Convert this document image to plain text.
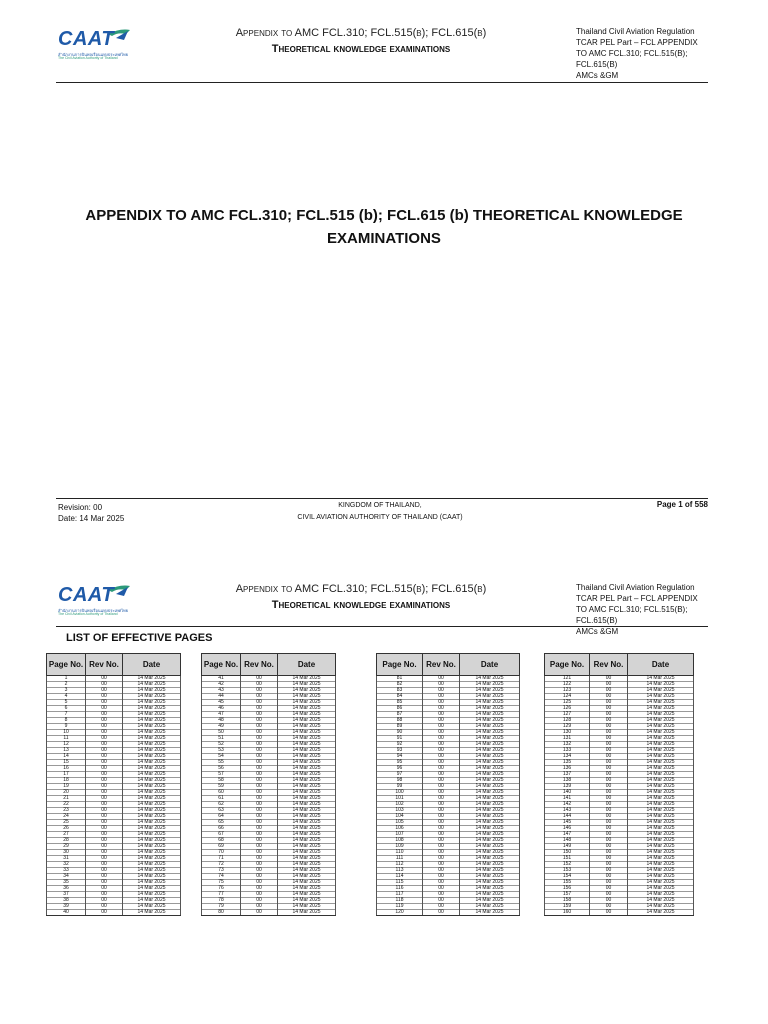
CAAT
สำนักงานการบินพลเรือนแห่งประเทศไทย
The Civil Aviation Authority of Thailand
Appendix to AMC FCL.310; FCL.515(b); FCL.615(b)
Theoretical knowledge examinations
Thailand Civil Aviation Regulation
TCAR PEL Part – FCL APPENDIX
TO AMC FCL.310; FCL.515(B);
FCL.615(B)
AMCs &GM
APPENDIX TO AMC FCL.310; FCL.515 (b); FCL.615 (b) THEORETICAL KNOWLEDGE EXAMINATIONS
Revision: 00
Date: 14 Mar 2025
KINGDOM OF THAILAND,
CIVIL AVIATION AUTHORITY OF THAILAND (CAAT)
Page 1 of 558
CAAT
สำนักงานการบินพลเรือนแห่งประเทศไทย
The Civil Aviation Authority of Thailand
Appendix to AMC FCL.310; FCL.515(b); FCL.615(b)
Theoretical knowledge examinations
Thailand Civil Aviation Regulation
TCAR PEL Part – FCL APPENDIX
TO AMC FCL.310; FCL.515(B);
FCL.615(B)
AMCs &GM
LIST OF EFFECTIVE PAGES
Page No.	Rev No.	Date
1	00	14 Mar 2025
2	00	14 Mar 2025
3	00	14 Mar 2025
4	00	14 Mar 2025
5	00	14 Mar 2025
6	00	14 Mar 2025
7	00	14 Mar 2025
8	00	14 Mar 2025
9	00	14 Mar 2025
10	00	14 Mar 2025
11	00	14 Mar 2025
12	00	14 Mar 2025
13	00	14 Mar 2025
14	00	14 Mar 2025
15	00	14 Mar 2025
16	00	14 Mar 2025
17	00	14 Mar 2025
18	00	14 Mar 2025
19	00	14 Mar 2025
20	00	14 Mar 2025
21	00	14 Mar 2025
22	00	14 Mar 2025
23	00	14 Mar 2025
24	00	14 Mar 2025
25	00	14 Mar 2025
26	00	14 Mar 2025
27	00	14 Mar 2025
28	00	14 Mar 2025
29	00	14 Mar 2025
30	00	14 Mar 2025
31	00	14 Mar 2025
32	00	14 Mar 2025
33	00	14 Mar 2025
34	00	14 Mar 2025
35	00	14 Mar 2025
36	00	14 Mar 2025
37	00	14 Mar 2025
38	00	14 Mar 2025
39	00	14 Mar 2025
40	00	14 Mar 2025
Page No.	Rev No.	Date
41	00	14 Mar 2025
42	00	14 Mar 2025
43	00	14 Mar 2025
44	00	14 Mar 2025
45	00	14 Mar 2025
46	00	14 Mar 2025
47	00	14 Mar 2025
48	00	14 Mar 2025
49	00	14 Mar 2025
50	00	14 Mar 2025
51	00	14 Mar 2025
52	00	14 Mar 2025
53	00	14 Mar 2025
54	00	14 Mar 2025
55	00	14 Mar 2025
56	00	14 Mar 2025
57	00	14 Mar 2025
58	00	14 Mar 2025
59	00	14 Mar 2025
60	00	14 Mar 2025
61	00	14 Mar 2025
62	00	14 Mar 2025
63	00	14 Mar 2025
64	00	14 Mar 2025
65	00	14 Mar 2025
66	00	14 Mar 2025
67	00	14 Mar 2025
68	00	14 Mar 2025
69	00	14 Mar 2025
70	00	14 Mar 2025
71	00	14 Mar 2025
72	00	14 Mar 2025
73	00	14 Mar 2025
74	00	14 Mar 2025
75	00	14 Mar 2025
76	00	14 Mar 2025
77	00	14 Mar 2025
78	00	14 Mar 2025
79	00	14 Mar 2025
80	00	14 Mar 2025
Page No.	Rev No.	Date
81	00	14 Mar 2025
82	00	14 Mar 2025
83	00	14 Mar 2025
84	00	14 Mar 2025
85	00	14 Mar 2025
86	00	14 Mar 2025
87	00	14 Mar 2025
88	00	14 Mar 2025
89	00	14 Mar 2025
90	00	14 Mar 2025
91	00	14 Mar 2025
92	00	14 Mar 2025
93	00	14 Mar 2025
94	00	14 Mar 2025
95	00	14 Mar 2025
96	00	14 Mar 2025
97	00	14 Mar 2025
98	00	14 Mar 2025
99	00	14 Mar 2025
100	00	14 Mar 2025
101	00	14 Mar 2025
102	00	14 Mar 2025
103	00	14 Mar 2025
104	00	14 Mar 2025
105	00	14 Mar 2025
106	00	14 Mar 2025
107	00	14 Mar 2025
108	00	14 Mar 2025
109	00	14 Mar 2025
110	00	14 Mar 2025
111	00	14 Mar 2025
112	00	14 Mar 2025
113	00	14 Mar 2025
114	00	14 Mar 2025
115	00	14 Mar 2025
116	00	14 Mar 2025
117	00	14 Mar 2025
118	00	14 Mar 2025
119	00	14 Mar 2025
120	00	14 Mar 2025
Page No.	Rev No.	Date
121	00	14 Mar 2025
122	00	14 Mar 2025
123	00	14 Mar 2025
124	00	14 Mar 2025
125	00	14 Mar 2025
126	00	14 Mar 2025
127	00	14 Mar 2025
128	00	14 Mar 2025
129	00	14 Mar 2025
130	00	14 Mar 2025
131	00	14 Mar 2025
132	00	14 Mar 2025
133	00	14 Mar 2025
134	00	14 Mar 2025
135	00	14 Mar 2025
136	00	14 Mar 2025
137	00	14 Mar 2025
138	00	14 Mar 2025
139	00	14 Mar 2025
140	00	14 Mar 2025
141	00	14 Mar 2025
142	00	14 Mar 2025
143	00	14 Mar 2025
144	00	14 Mar 2025
145	00	14 Mar 2025
146	00	14 Mar 2025
147	00	14 Mar 2025
148	00	14 Mar 2025
149	00	14 Mar 2025
150	00	14 Mar 2025
151	00	14 Mar 2025
152	00	14 Mar 2025
153	00	14 Mar 2025
154	00	14 Mar 2025
155	00	14 Mar 2025
156	00	14 Mar 2025
157	00	14 Mar 2025
158	00	14 Mar 2025
159	00	14 Mar 2025
160	00	14 Mar 2025
